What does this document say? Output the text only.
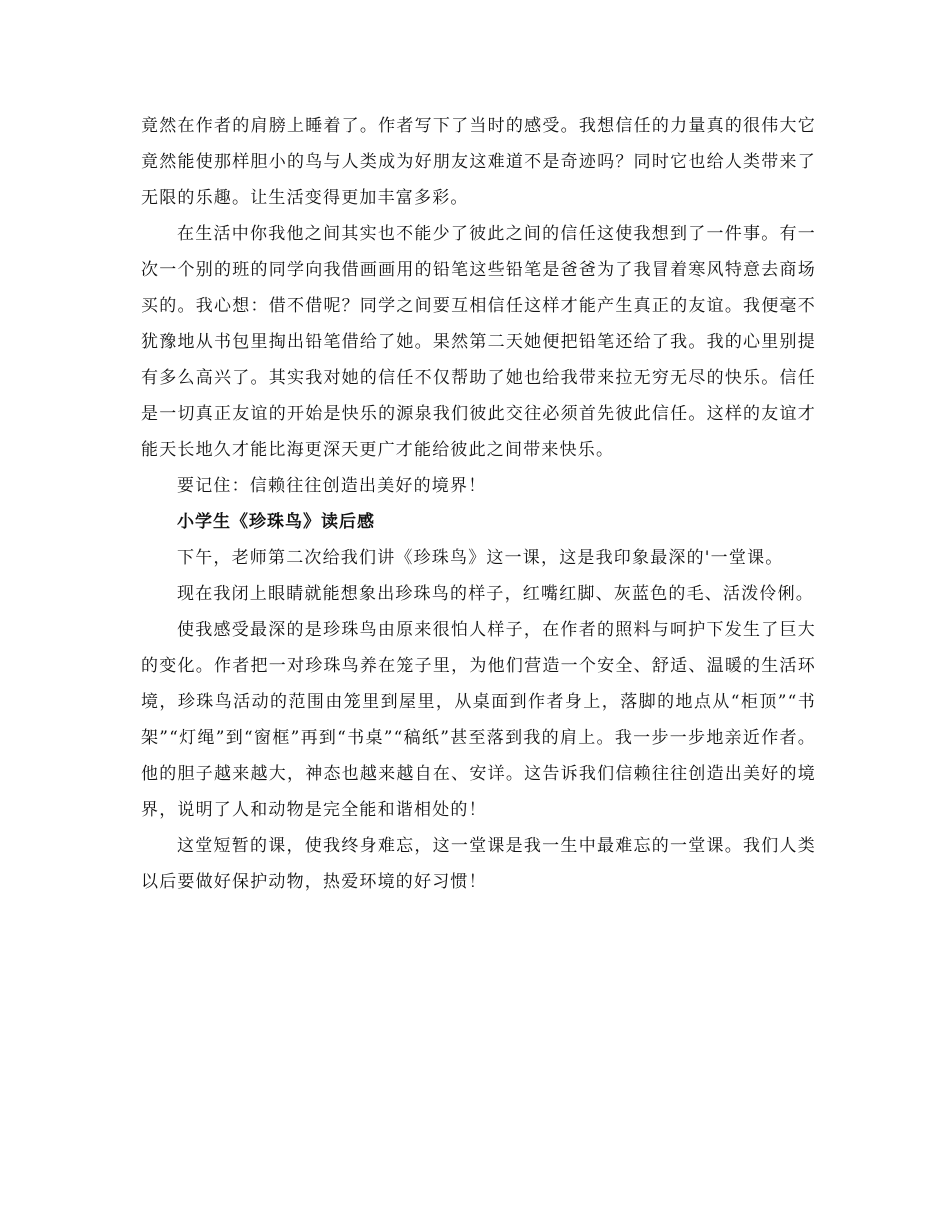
竟然在作者的肩膀上睡着了。作者写下了当时的感受。我想信任的力量真的很伟大它竟然能使那样胆小的鸟与人类成为好朋友这难道不是奇迹吗？同时它也给人类带来了无限的乐趣。让生活变得更加丰富多彩。

在生活中你我他之间其实也不能少了彼此之间的信任这使我想到了一件事。有一次一个别的班的同学向我借画画用的铅笔这些铅笔是爸爸为了我冒着寒风特意去商场买的。我心想：借不借呢？同学之间要互相信任这样才能产生真正的友谊。我便毫不犹豫地从书包里掏出铅笔借给了她。果然第二天她便把铅笔还给了我。我的心里别提有多么高兴了。其实我对她的信任不仅帮助了她也给我带来拉无穷无尽的快乐。信任是一切真正友谊的开始是快乐的源泉我们彼此交往必须首先彼此信任。这样的友谊才能天长地久才能比海更深天更广才能给彼此之间带来快乐。

要记住：信赖往往创造出美好的境界！

小学生《珍珠鸟》读后感

下午，老师第二次给我们讲《珍珠鸟》这一课，这是我印象最深的'一堂课。

现在我闭上眼睛就能想象出珍珠鸟的样子，红嘴红脚、灰蓝色的毛、活泼伶俐。

使我感受最深的是珍珠鸟由原来很怕人样子，在作者的照料与呵护下发生了巨大的变化。作者把一对珍珠鸟养在笼子里，为他们营造一个安全、舒适、温暖的生活环境，珍珠鸟活动的范围由笼里到屋里，从桌面到作者身上，落脚的地点从“柜顶”“书架”“灯绳”到“窗框”再到“书桌”“稿纸”甚至落到我的肩上。我一步一步地亲近作者。他的胆子越来越大，神态也越来越自在、安详。这告诉我们信赖往往创造出美好的境界，说明了人和动物是完全能和谐相处的！

这堂短暂的课，使我终身难忘，这一堂课是我一生中最难忘的一堂课。我们人类以后要做好保护动物，热爱环境的好习惯！
